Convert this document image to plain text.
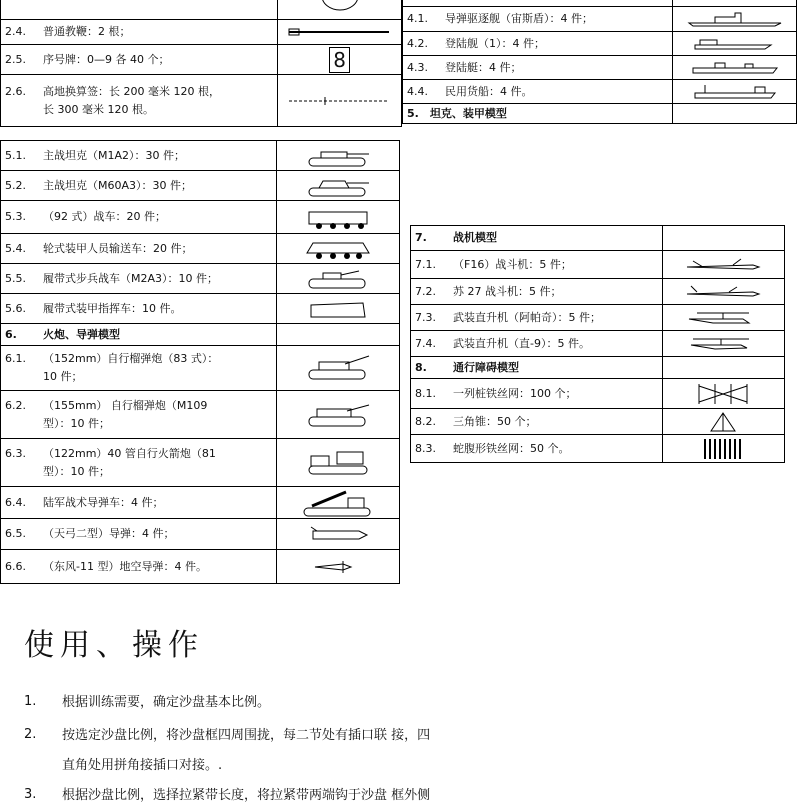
2.4. 普通教鞭：2 根；	

2.5. 序号牌：0—9 各 40 个；	8
2.6. 高地换算签：长 200 毫米 120 根，
长 300 毫米 120 根。

4.1. 导弹驱逐舰（宙斯盾）：4 件；	

4.2. 登陆舰（1）：4 件；	

4.3. 登陆艇：4 件；	

4.4. 民用货船：4 件。	

5.　坦克、装甲模型	
5.1. 主战坦克（M1A2）：30 件；	

5.2. 主战坦克（M60A3）：30 件；	

5.3. （92 式）战车：20 件；	

5.4. 轮式装甲人员输送车：20 件；	

5.5. 履带式步兵战车（M2A3）：10 件；	

5.6. 履带式装甲指挥车：10 件。	

6. 火炮、导弹模型	
6.1. （152mm）自行榴弹炮（83 式）：
10 件；

6.2. （155mm） 自行榴弹炮（M109
型）：10 件；

6.3. （122mm）40 管自行火箭炮（81
型）：10 件；

6.4. 陆军战术导弹车：4 件；	

6.5. （天弓二型）导弹：4 件；	

6.6. （东风-11 型）地空导弹：4 件。	
7. 战机模型	
7.1. （F16）战斗机：5 件；	

7.2. 苏 27 战斗机：5 件；	

7.3. 武装直升机（阿帕奇）：5 件；	

7.4. 武装直升机（直-9）：5 件。	

8. 通行障碍模型	
8.1. 一列桩铁丝网：100 个；	

8.2. 三角锥：50 个；	

8.3. 蛇腹形铁丝网：50 个。	
使用、操作
1. 根据训练需要，确定沙盘基本比例。
2. 按选定沙盘比例，将沙盘框四周围拢，每二节处有插口联 接，四
直角处用拼角接插口对接。.
3. 根据沙盘比例，选择拉紧带长度，将拉紧带两端钩于沙盘 框外侧
